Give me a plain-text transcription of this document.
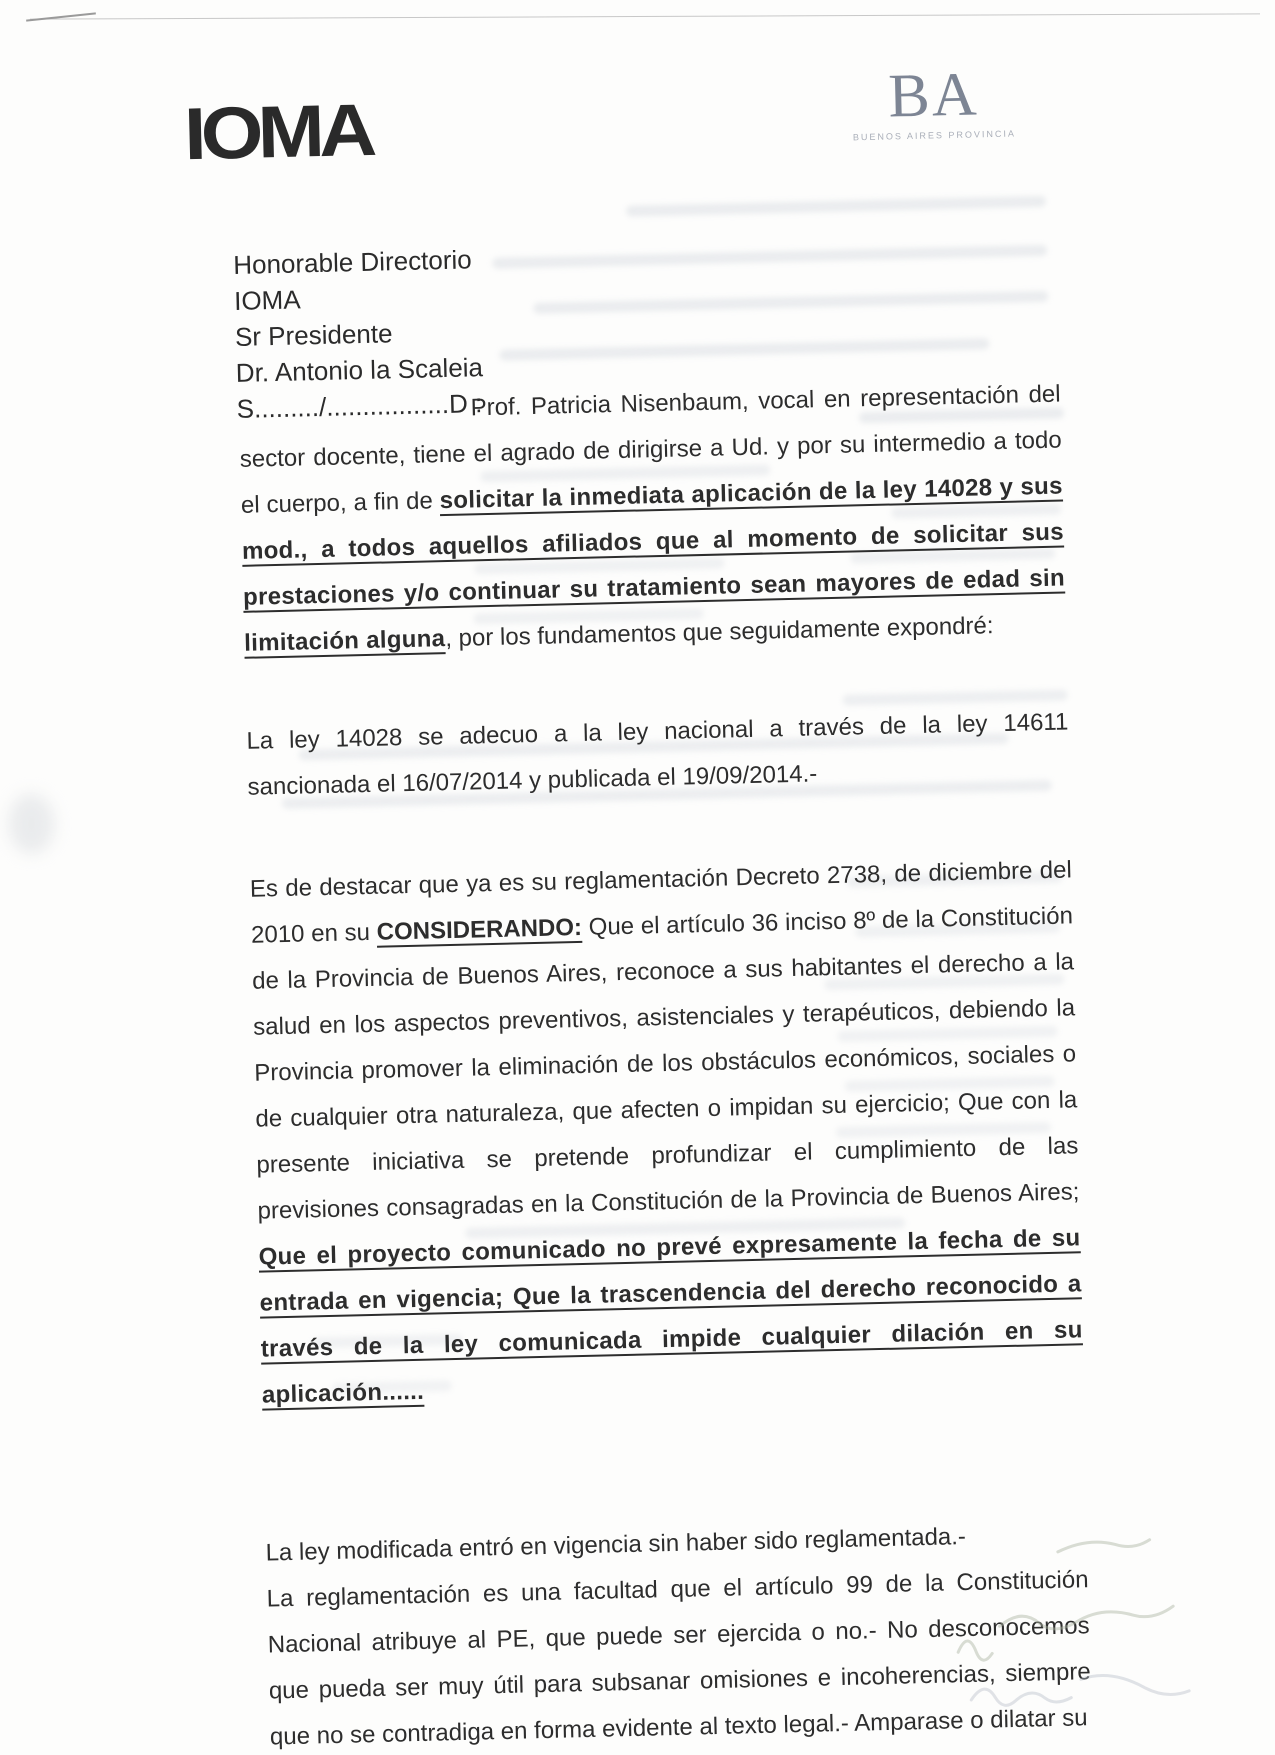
IOMA	BA
BUENOS AIRES PROVINCIA
Honorable Directorio
IOMA
Sr Presidente
Dr. Antonio la Scaleia
S........./.................D :

Prof. Patricia Nisenbaum, vocal en representación del sector docente, tiene el agrado de dirigirse a Ud. y por su intermedio a todo el cuerpo, a fin de solicitar la inmediata aplicación de la ley 14028 y sus mod., a todos aquellos afiliados que al momento de solicitar sus prestaciones y/o continuar su tratamiento sean mayores de edad sin limitación alguna, por los fundamentos que seguidamente expondré:

La ley 14028 se adecuo a la ley nacional a través de la ley 14611 sancionada el 16/07/2014 y publicada el 19/09/2014.-

Es de destacar que ya es su reglamentación Decreto 2738, de diciembre del 2010 en su CONSIDERANDO: Que el artículo 36 inciso 8º de la Constitución de la Provincia de Buenos Aires, reconoce a sus habitantes el derecho a la salud en los aspectos preventivos, asistenciales y terapéuticos, debiendo la Provincia promover la eliminación de los obstáculos económicos, sociales o de cualquier otra naturaleza, que afecten o impidan su ejercicio; Que con la presente iniciativa se pretende profundizar el cumplimiento de las previsiones consagradas en la Constitución de la Provincia de Buenos Aires; Que el proyecto comunicado no prevé expresamente la fecha de su entrada en vigencia; Que la trascendencia del derecho reconocido a través de la ley comunicada impide cualquier dilación en su aplicación......

La ley modificada entró en vigencia sin haber sido reglamentada.-

La reglamentación es una facultad que el artículo 99 de la Constitución Nacional atribuye al PE, que puede ser ejercida o no.- No desconocemos que pueda ser muy útil para subsanar omisiones e incoherencias, siempre que no se contradiga en forma evidente al texto legal.- Amparase o dilatar su
